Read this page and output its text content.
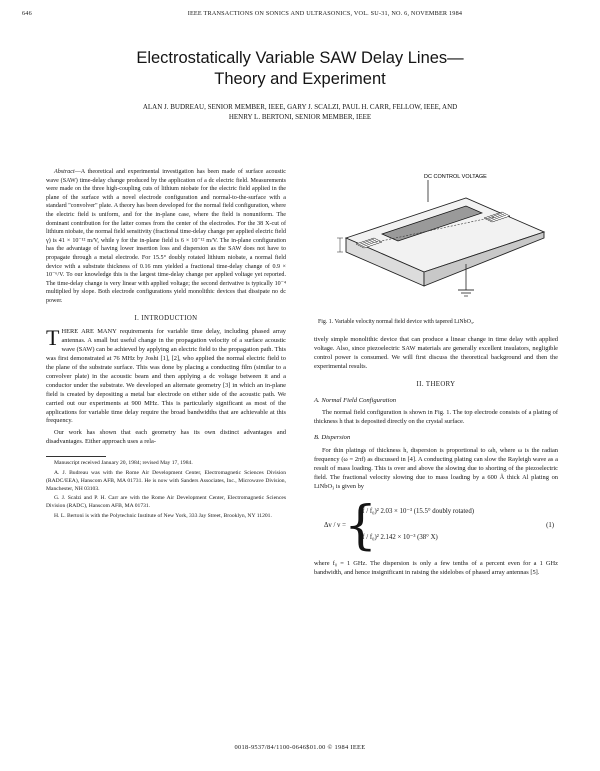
646	IEEE TRANSACTIONS ON SONICS AND ULTRASONICS, VOL. SU-31, NO. 6, NOVEMBER 1984
Electrostatically Variable SAW Delay Lines—
Theory and Experiment
ALAN J. BUDREAU, SENIOR MEMBER, IEEE, GARY J. SCALZI, PAUL H. CARR, FELLOW, IEEE, AND
HENRY L. BERTONI, SENIOR MEMBER, IEEE

Abstract—A theoretical and experimental investigation has been made of surface acoustic wave (SAW) time-delay change produced by the application of a dc electric field. Measurements were made on the three high-coupling cuts of lithium niobate for the electric field applied in the plane of the surface with a novel electrode configuration and normal-to-the-surface with a standard "convolver" plate. A theory has been developed for the normal field configuration, where the electric field is uniform, and for the in-plane case, where the field is nonuniform. The dominant contribution for the latter comes from the center of the electrodes. For the 38 X-cut of lithium niobate, the normal field sensitivity (fractional time-delay change per applied electric field γ) is 41 × 10⁻¹² m/V, while γ for the in-plane field is 6 × 10⁻¹² m/V. The in-plane configuration has the advantage of having lower insertion loss and dispersion as the SAW does not have to propagate through a metal electrode. For 15.5° doubly rotated lithium niobate, a normal field device with a substrate thickness of 0.16 mm yielded a fractional time-delay change of 0.9 × 10⁻⁶/V. To our knowledge this is the largest time-delay change per applied voltage yet reported. The time-delay change is very linear with applied voltage; the second derivative is typically 10⁻⁴ multiplied by slope. Both electrode configurations yield monolithic devices that dissipate no dc power.

I. INTRODUCTION

THERE ARE MANY requirements for variable time delay, including phased array antennas. A small but useful change in the propagation velocity of a surface acoustic wave (SAW) can be achieved by applying an electric field to the propagation path. This was first demonstrated at 76 MHz by Joshi [1], [2], who applied the normal electric field to the plane of the substrate surface. This was done by placing a conducting film (similar to a convolver plate) in the acoustic beam and then applying a dc voltage between it and a conductor under the substrate. We developed an alternate geometry [3] in which an in-plane field is created by depositing a metal bar electrode on either side of the acoustic path. We carried out our experiments at 900 MHz. This is particularly significant as most of the applications for variable time delay require the broad bandwidths that are achievable at this frequency.

Our work has shown that each geometry has its own distinct advantages and disadvantages. Either approach uses a rela-

Manuscript received January 20, 1984; revised May 17, 1984.

A. J. Budreau was with the Rome Air Development Center, Electromagnetic Sciences Division (RADC/EEA), Hanscom AFB, MA 01731. He is now with Sanders Associates, Inc., Microwave Division, Manchester, NH 03103.

G. J. Scalzi and P. H. Carr are with the Rome Air Development Center, Electromagnetic Sciences Division (RADC), Hanscom AFB, MA 01731.

H. L. Bertoni is with the Polytechnic Institute of New York, 333 Jay Street, Brooklyn, NY 11201.

DC CONTROL VOLTAGE
Fig. 1. Variable velocity normal field device with tapered LiNbO₃.

tively simple monolithic device that can produce a linear change in time delay with applied voltage. Also, since piezoelectric SAW materials are generally excellent insulators, negligible control power is consumed. We will first discuss the theoretical background and then the experimental results.

II. THEORY
A. Normal Field Configuration

The normal field configuration is shown in Fig. 1. The top electrode consists of a plating of thickness h that is deposited directly on the crystal surface.

B. Dispersion

For thin platings of thickness h, dispersion is proportional to ωh, where ω is the radian frequency (ω = 2πf) as discussed in [4]. A conducting plating can slow the Rayleigh wave as a result of mass loading. This is over and above the slowing due to shorting of the piezoelectric field. The fractional velocity slowing due to mass loading by a 600 Å thick Al plating on LiNbO₃ is given by

Δv / v =
{
(f / f₀)² 2.03 × 10⁻³ (15.5° doubly rotated)
(f / f₀)² 2.142 × 10⁻³ (38° X)
(1)

where f₀ = 1 GHz. The dispersion is only a few tenths of a percent even for a 1 GHz bandwidth, and hence insignificant in raising the sidelobes of phased array antennas [5].

0018-9537/84/1100-0646$01.00 © 1984 IEEE
